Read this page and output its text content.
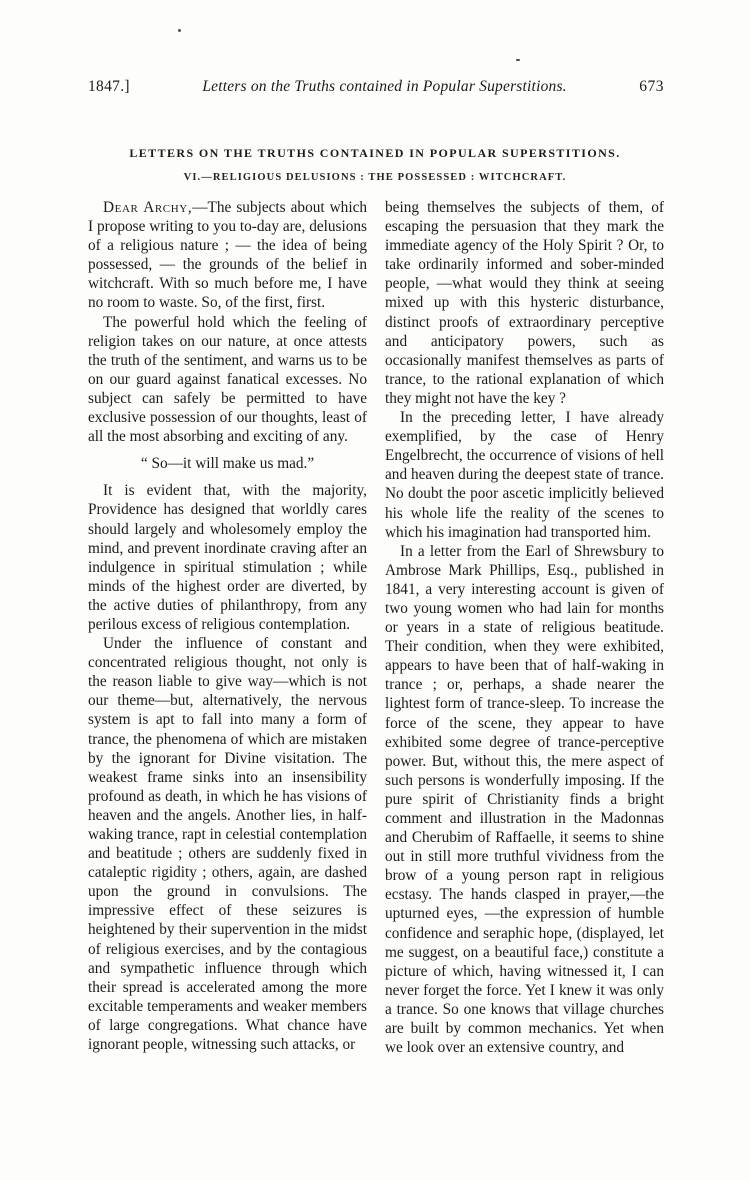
1847.]	Letters on the Truths contained in Popular Superstitions.	673
LETTERS ON THE TRUTHS CONTAINED IN POPULAR SUPERSTITIONS.
VI.—RELIGIOUS DELUSIONS : THE POSSESSED : WITCHCRAFT.

Dear Archy,—The subjects about which I propose writing to you to-day are, delusions of a religious nature ; — the idea of being possessed, — the grounds of the belief in witchcraft. With so much before me, I have no room to waste. So, of the first, first.

The powerful hold which the feeling of religion takes on our nature, at once attests the truth of the sentiment, and warns us to be on our guard against fanatical excesses. No subject can safely be permitted to have exclusive possession of our thoughts, least of all the most absorbing and exciting of any.

“ So—it will make us mad.”

It is evident that, with the majority, Providence has designed that worldly cares should largely and wholesomely employ the mind, and prevent inordinate craving after an indulgence in spiritual stimulation ; while minds of the highest order are diverted, by the active duties of philanthropy, from any perilous excess of religious contemplation.

Under the influence of constant and concentrated religious thought, not only is the reason liable to give way—which is not our theme—but, alternatively, the nervous system is apt to fall into many a form of trance, the phenomena of which are mistaken by the ignorant for Divine visitation. The weakest frame sinks into an insensibility profound as death, in which he has visions of heaven and the angels. Another lies, in half-waking trance, rapt in celestial contemplation and beatitude ; others are suddenly fixed in cataleptic rigidity ; others, again, are dashed upon the ground in convulsions. The impressive effect of these seizures is heightened by their supervention in the midst of religious exercises, and by the contagious and sympathetic influence through which their spread is accelerated among the more excitable temperaments and weaker members of large congregations. What chance have ignorant people, witnessing such attacks, or

being themselves the subjects of them, of escaping the persuasion that they mark the immediate agency of the Holy Spirit ? Or, to take ordinarily informed and sober-minded people, —what would they think at seeing mixed up with this hysteric disturbance, distinct proofs of extraordinary perceptive and anticipatory powers, such as occasionally manifest themselves as parts of trance, to the rational explanation of which they might not have the key ?

In the preceding letter, I have already exemplified, by the case of Henry Engelbrecht, the occurrence of visions of hell and heaven during the deepest state of trance. No doubt the poor ascetic implicitly believed his whole life the reality of the scenes to which his imagination had transported him.

In a letter from the Earl of Shrewsbury to Ambrose Mark Phillips, Esq., published in 1841, a very interesting account is given of two young women who had lain for months or years in a state of religious beatitude. Their condition, when they were exhibited, appears to have been that of half-waking in trance ; or, perhaps, a shade nearer the lightest form of trance-sleep. To increase the force of the scene, they appear to have exhibited some degree of trance-perceptive power. But, without this, the mere aspect of such persons is wonderfully imposing. If the pure spirit of Christianity finds a bright comment and illustration in the Madonnas and Cherubim of Raffaelle, it seems to shine out in still more truthful vividness from the brow of a young person rapt in religious ecstasy. The hands clasped in prayer,—the upturned eyes, —the expression of humble confidence and seraphic hope, (displayed, let me suggest, on a beautiful face,) constitute a picture of which, having witnessed it, I can never forget the force. Yet I knew it was only a trance. So one knows that village churches are built by common mechanics. Yet when we look over an extensive country, and
